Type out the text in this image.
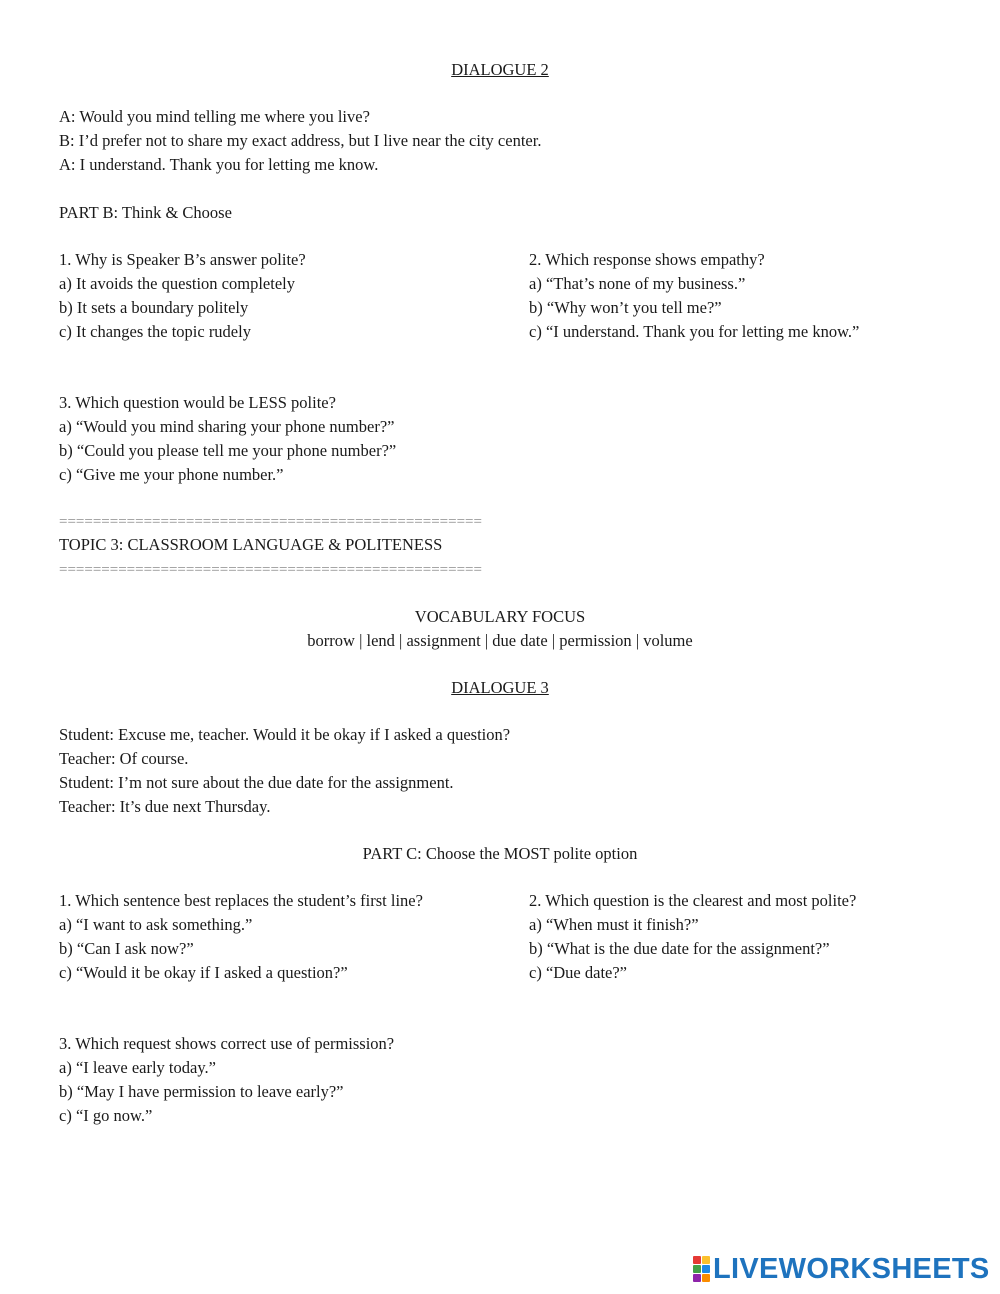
DIALOGUE 2
A: Would you mind telling me where you live?
B: I’d prefer not to share my exact address, but I live near the city center.
A: I understand. Thank you for letting me know.
PART B: Think & Choose
1. Why is Speaker B’s answer polite?
a) It avoids the question completely
b) It sets a boundary politely
c) It changes the topic rudely
2. Which response shows empathy?
a) “That’s none of my business.”
b) “Why won’t you tell me?”
c) “I understand. Thank you for letting me know.”
3. Which question would be LESS polite?
a) “Would you mind sharing your phone number?”
b) “Could you please tell me your phone number?”
c) “Give me your phone number.”
==================================================
TOPIC 3: CLASSROOM LANGUAGE & POLITENESS
==================================================
VOCABULARY FOCUS
borrow | lend | assignment | due date | permission | volume
DIALOGUE 3
Student: Excuse me, teacher. Would it be okay if I asked a question?
Teacher: Of course.
Student: I’m not sure about the due date for the assignment.
Teacher: It’s due next Thursday.
PART C: Choose the MOST polite option
1. Which sentence best replaces the student’s first line?
a) “I want to ask something.”
b) “Can I ask now?”
c) “Would it be okay if I asked a question?”
2. Which question is the clearest and most polite?
a) “When must it finish?”
b) “What is the due date for the assignment?”
c) “Due date?”
3. Which request shows correct use of permission?
a) “I leave early today.”
b) “May I have permission to leave early?”
c) “I go now.”
LIVEWORKSHEETS
